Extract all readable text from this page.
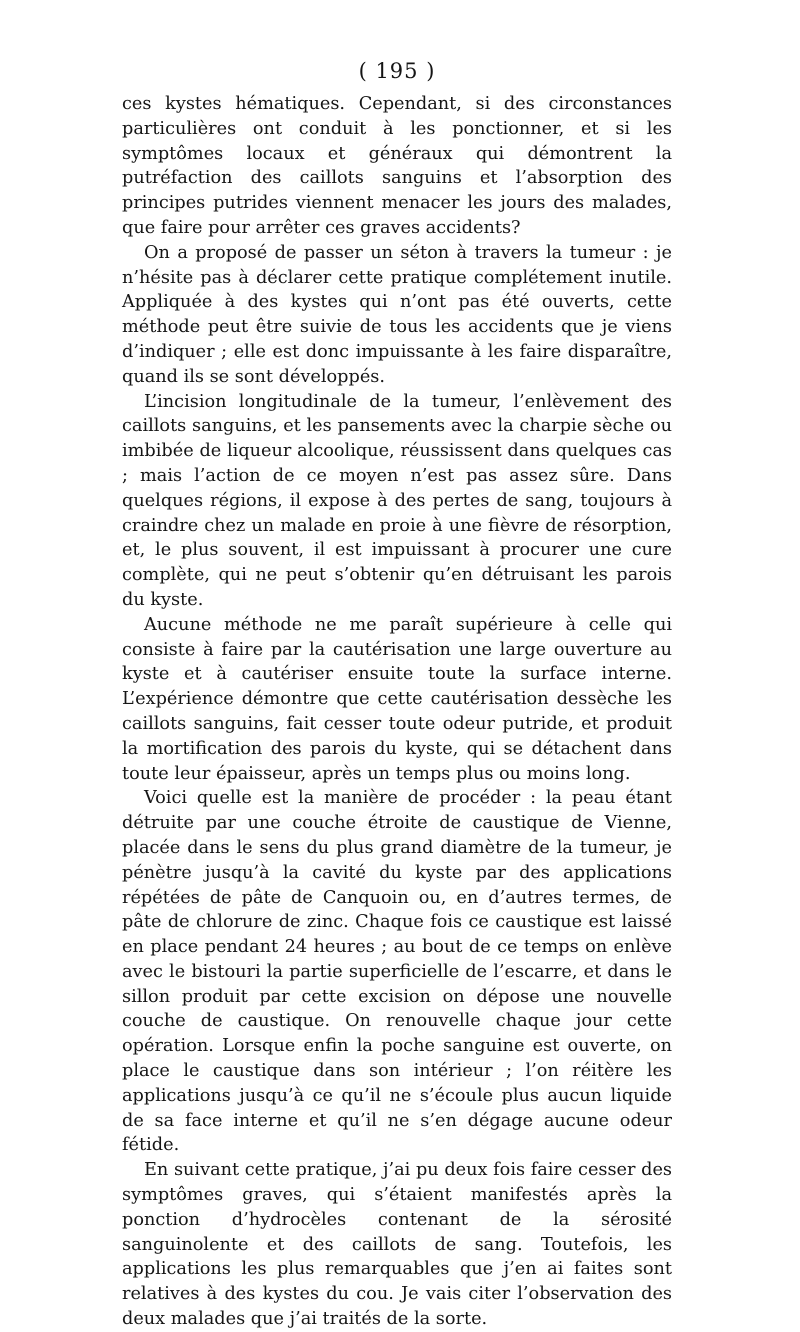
( 195 )

ces kystes hématiques. Cependant, si des circonstances particulières ont conduit à les ponctionner, et si les symptômes locaux et généraux qui démontrent la putréfaction des caillots sanguins et l’absorption des principes putrides viennent menacer les jours des malades, que faire pour arrêter ces graves accidents?

On a proposé de passer un séton à travers la tumeur : je n’hésite pas à déclarer cette pratique complétement inutile. Appliquée à des kystes qui n’ont pas été ouverts, cette méthode peut être suivie de tous les accidents que je viens d’indiquer ; elle est donc impuissante à les faire disparaître, quand ils se sont développés.

L’incision longitudinale de la tumeur, l’enlèvement des caillots sanguins, et les pansements avec la charpie sèche ou imbibée de liqueur alcoolique, réussissent dans quelques cas ; mais l’action de ce moyen n’est pas assez sûre. Dans quelques régions, il expose à des pertes de sang, toujours à craindre chez un malade en proie à une fièvre de résorption, et, le plus souvent, il est impuissant à procurer une cure complète, qui ne peut s’obtenir qu’en détruisant les parois du kyste.

Aucune méthode ne me paraît supérieure à celle qui consiste à faire par la cautérisation une large ouverture au kyste et à cautériser ensuite toute la surface interne. L’expérience démontre que cette cautérisation dessèche les caillots sanguins, fait cesser toute odeur putride, et produit la mortification des parois du kyste, qui se détachent dans toute leur épaisseur, après un temps plus ou moins long.

Voici quelle est la manière de procéder : la peau étant détruite par une couche étroite de caustique de Vienne, placée dans le sens du plus grand diamètre de la tumeur, je pénètre jusqu’à la cavité du kyste par des applications répétées de pâte de Canquoin ou, en d’autres termes, de pâte de chlorure de zinc. Chaque fois ce caustique est laissé en place pendant 24 heures ; au bout de ce temps on enlève avec le bistouri la partie superficielle de l’escarre, et dans le sillon produit par cette excision on dépose une nouvelle couche de caustique. On renouvelle chaque jour cette opération. Lorsque enfin la poche sanguine est ouverte, on place le caustique dans son intérieur ; l’on réitère les applications jusqu’à ce qu’il ne s’écoule plus aucun liquide de sa face interne et qu’il ne s’en dégage aucune odeur fétide.

En suivant cette pratique, j’ai pu deux fois faire cesser des symptômes graves, qui s’étaient manifestés après la ponction d’hydrocèles contenant de la sérosité sanguinolente et des caillots de sang. Toutefois, les applications les plus remarquables que j’en ai faites sont relatives à des kystes du cou. Je vais citer l’observation des deux malades que j’ai traités de la sorte.
